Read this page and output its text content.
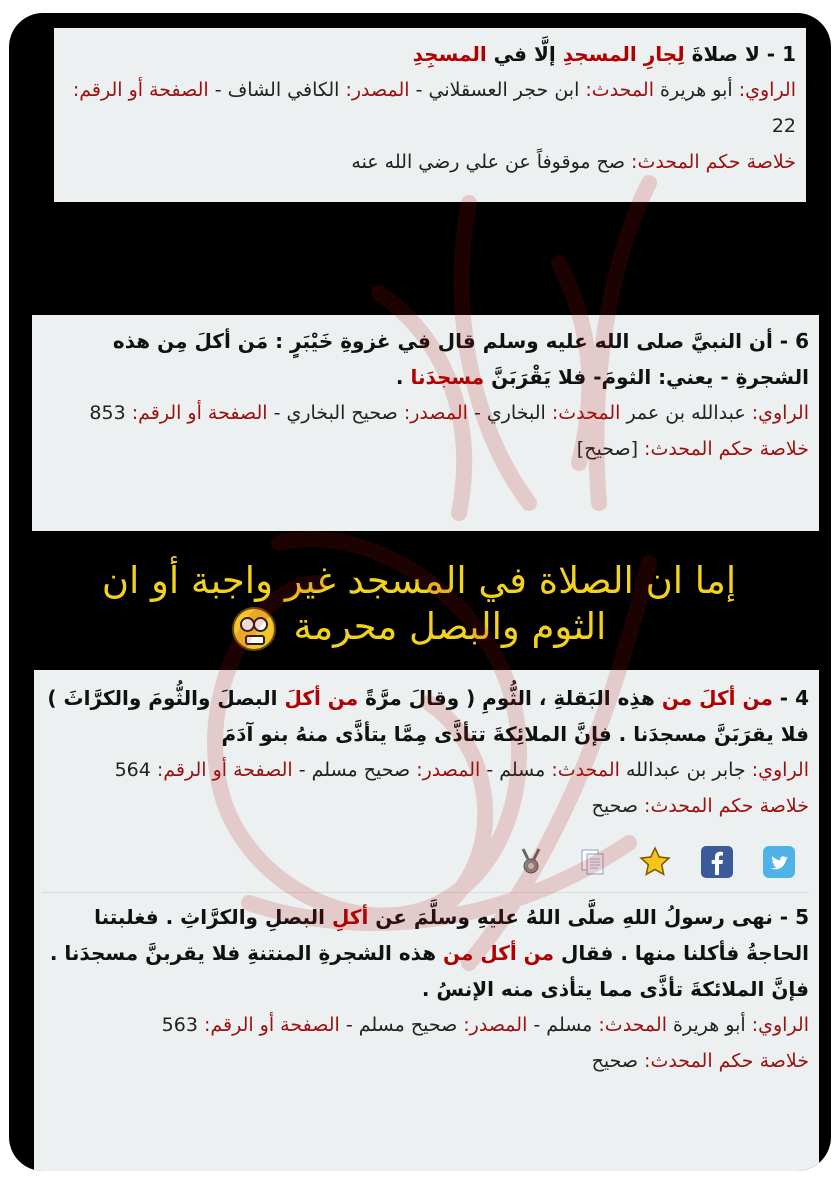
1 - لا صلاةَ لِجارِ المسجدِ إلَّا في المسجِدِ

الراوي: أبو هريرة المحدث: ابن حجر العسقلاني - المصدر: الكافي الشاف - الصفحة أو الرقم: 22

خلاصة حكم المحدث: صح موقوفاً عن علي رضي الله عنه

6 - أن النبيَّ صلى الله عليه وسلم قال في غزوةِ خَيْبَرٍ : مَن أكلَ مِن هذه الشجرةِ - يعني: الثومَ- فلا يَقْرَبَنَّ مسجدَنا .

الراوي: عبدالله بن عمر المحدث: البخاري - المصدر: صحيح البخاري - الصفحة أو الرقم: 853

خلاصة حكم المحدث: [صحيح]

إما ان الصلاة في المسجد غير واجبة أو ان
الثوم والبصل محرمة

4 - من أكلَ من هذِه البَقلةِ ، الثُّومِ ( وقالَ مرَّةً من أكلَ البصلَ والثُّومَ والكرَّاثَ ) فلا يقرَبَنَّ مسجدَنا . فإنَّ الملائِكةَ تتأذَّى مِمَّا يتأذَّى منهُ بنو آدَمَ

الراوي: جابر بن عبدالله المحدث: مسلم - المصدر: صحيح مسلم - الصفحة أو الرقم: 564

خلاصة حكم المحدث: صحيح

5 - نهى رسولُ اللهِ صلَّى اللهُ عليهِ وسلَّمَ عن أكلِ البصلِ والكرَّاثِ . فغلبتنا الحاجةُ فأكلنا منها . فقال من أكل من هذه الشجرةِ المنتنةِ فلا يقربنَّ مسجدَنا . فإنَّ الملائكةَ تأذَّى مما يتأذى منه الإنسُ .

الراوي: أبو هريرة المحدث: مسلم - المصدر: صحيح مسلم - الصفحة أو الرقم: 563

خلاصة حكم المحدث: صحيح
